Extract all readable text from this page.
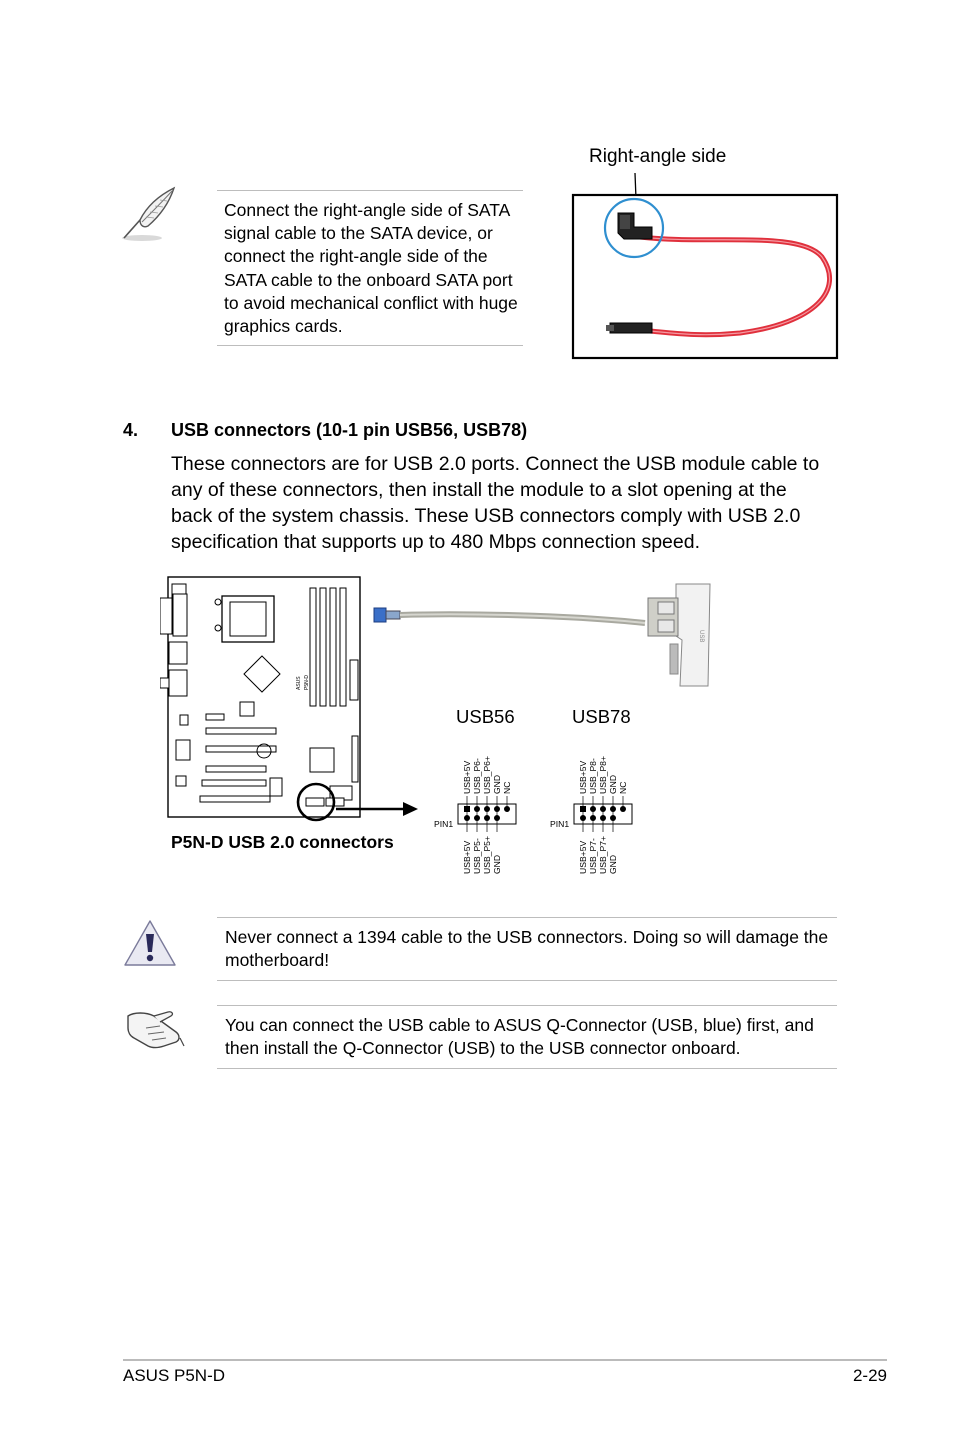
Connect the right-angle side of SATA signal cable to the SATA device, or connect the right-angle side of the SATA cable to the onboard SATA port to avoid mechanical conflict with huge graphics cards.
Right-angle side
4. USB connectors (10-1 pin USB56, USB78)
These connectors are for USB 2.0 ports. Connect the USB module cable to any of these connectors, then install the module to a slot opening at the back of the system chassis. These USB connectors comply with USB 2.0 specification that supports up to 480 Mbps connection speed.
ASUS P5N-D
USB
USB56	USB78
USB+5V USB_P6- USB_P6+ GND NC
PIN1
USB+5V USB_P5- USB_P5+ GND
USB+5V USB_P8- USB_P8+ GND NC
PIN1
USB+5V USB_P7- USB_P7+ GND
P5N-D USB 2.0 connectors
Never connect a 1394 cable to the USB connectors. Doing so will damage the motherboard!
You can connect the USB cable to ASUS Q-Connector (USB, blue) first, and then install the Q-Connector (USB) to the USB connector onboard.
ASUS P5N-D	2-29
